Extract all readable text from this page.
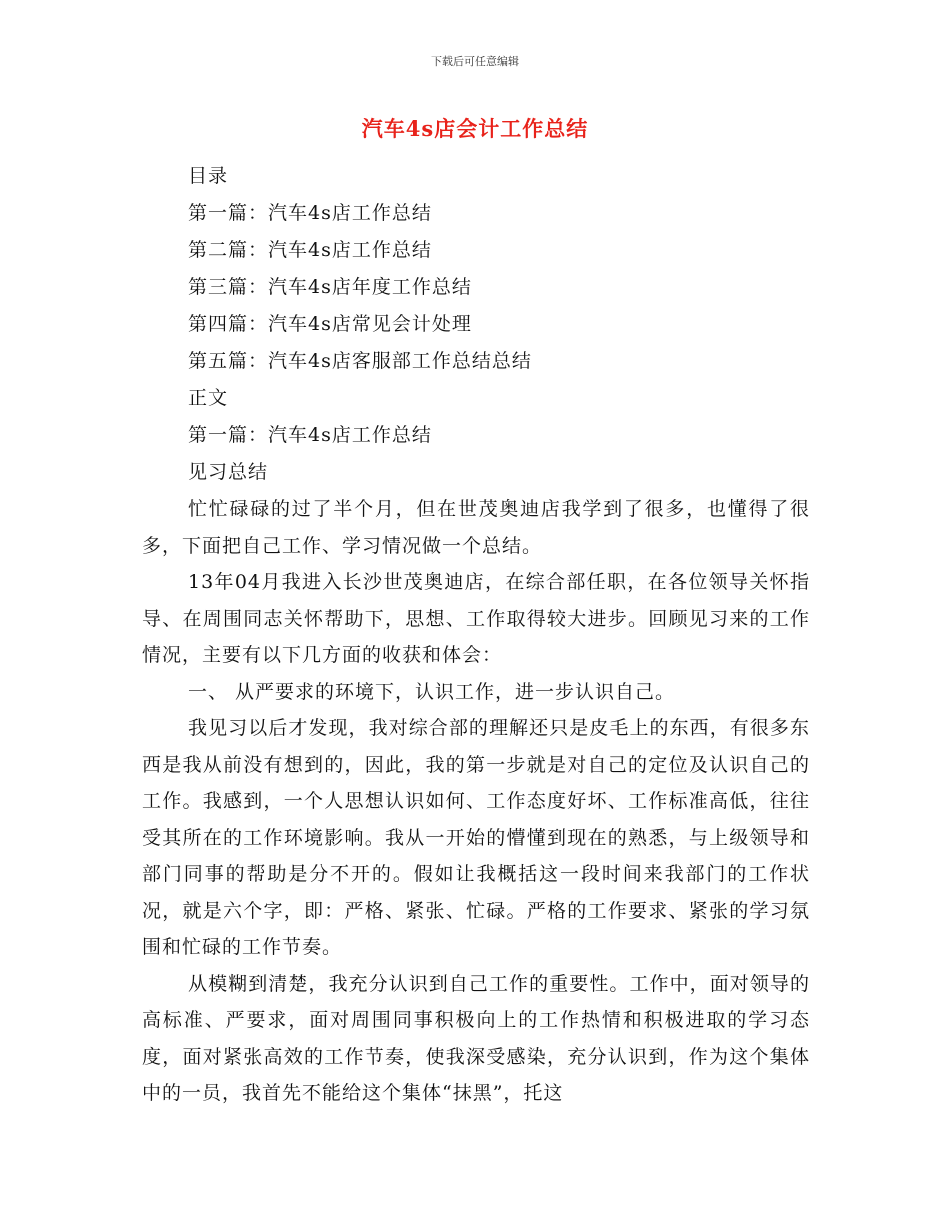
下载后可任意编辑
汽车4s店会计工作总结
目录
第一篇：汽车4s店工作总结
第二篇：汽车4s店工作总结
第三篇：汽车4s店年度工作总结
第四篇：汽车4s店常见会计处理
第五篇：汽车4s店客服部工作总结总结
正文
第一篇：汽车4s店工作总结
见习总结

忙忙碌碌的过了半个月，但在世茂奥迪店我学到了很多，也懂得了很多，下面把自己工作、学习情况做一个总结。

13年04月我进入长沙世茂奥迪店，在综合部任职，在各位领导关怀指导、在周围同志关怀帮助下，思想、工作取得较大进步。回顾见习来的工作情况，主要有以下几方面的收获和体会：

一、 从严要求的环境下，认识工作，进一步认识自己。

我见习以后才发现，我对综合部的理解还只是皮毛上的东西，有很多东西是我从前没有想到的，因此，我的第一步就是对自己的定位及认识自己的工作。我感到，一个人思想认识如何、工作态度好坏、工作标准高低，往往受其所在的工作环境影响。我从一开始的懵懂到现在的熟悉，与上级领导和部门同事的帮助是分不开的。假如让我概括这一段时间来我部门的工作状况，就是六个字，即：严格、紧张、忙碌。严格的工作要求、紧张的学习氛围和忙碌的工作节奏。

从模糊到清楚，我充分认识到自己工作的重要性。工作中，面对领导的高标准、严要求，面对周围同事积极向上的工作热情和积极进取的学习态度，面对紧张高效的工作节奏，使我深受感染，充分认识到，作为这个集体中的一员，我首先不能给这个集体“抹黑”，托这
